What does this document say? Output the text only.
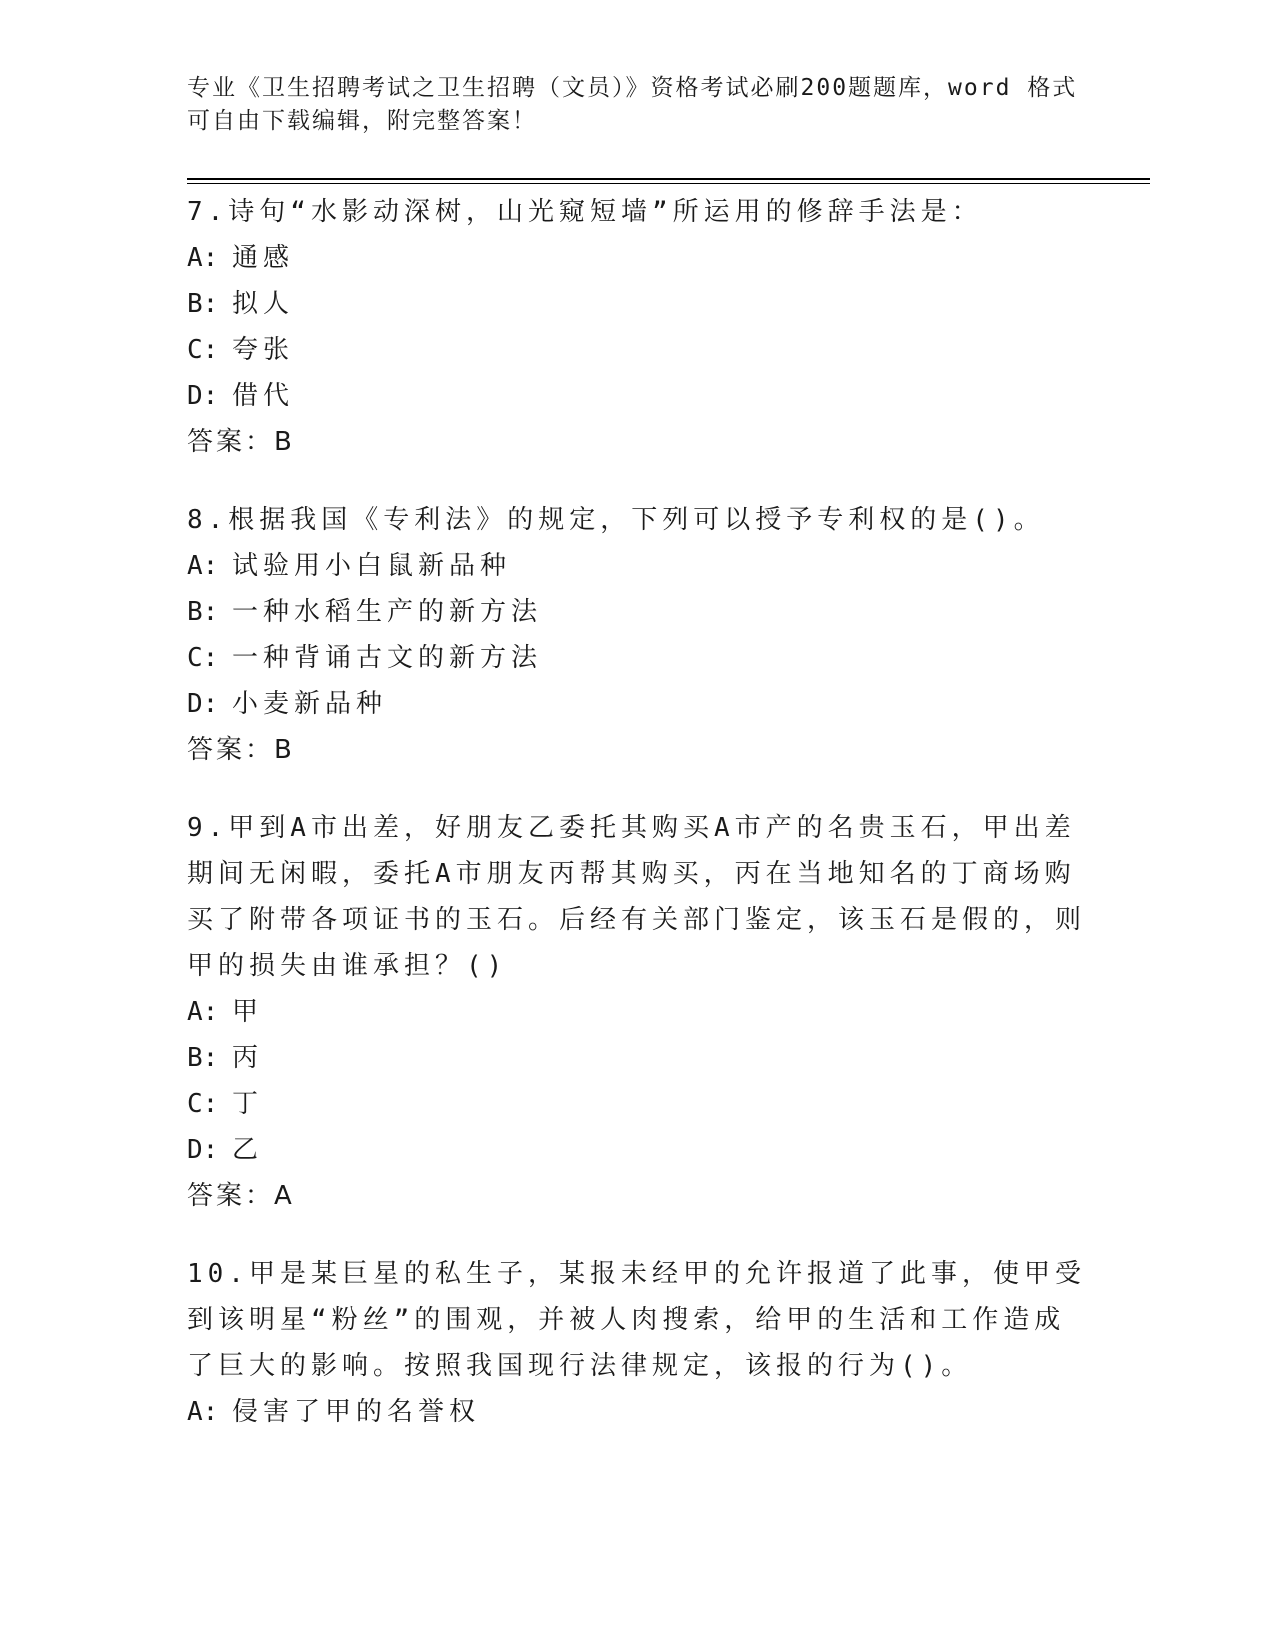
专业《卫生招聘考试之卫生招聘（文员）》资格考试必刷200题题库，word 格式
可自由下载编辑，附完整答案！

7.诗句“水影动深树，山光窥短墙”所运用的修辞手法是：

A: 通感

B: 拟人

C: 夸张

D: 借代

答案：B

8.根据我国《专利法》的规定，下列可以授予专利权的是()。

A: 试验用小白鼠新品种

B: 一种水稻生产的新方法

C: 一种背诵古文的新方法

D: 小麦新品种

答案：B

9.甲到A市出差，好朋友乙委托其购买A市产的名贵玉石，甲出差期间无闲暇，委托A市朋友丙帮其购买，丙在当地知名的丁商场购买了附带各项证书的玉石。后经有关部门鉴定，该玉石是假的，则甲的损失由谁承担？()

A: 甲

B: 丙

C: 丁

D: 乙

答案：A

10.甲是某巨星的私生子，某报未经甲的允许报道了此事，使甲受到该明星“粉丝”的围观，并被人肉搜索，给甲的生活和工作造成了巨大的影响。按照我国现行法律规定，该报的行为()。

A: 侵害了甲的名誉权
